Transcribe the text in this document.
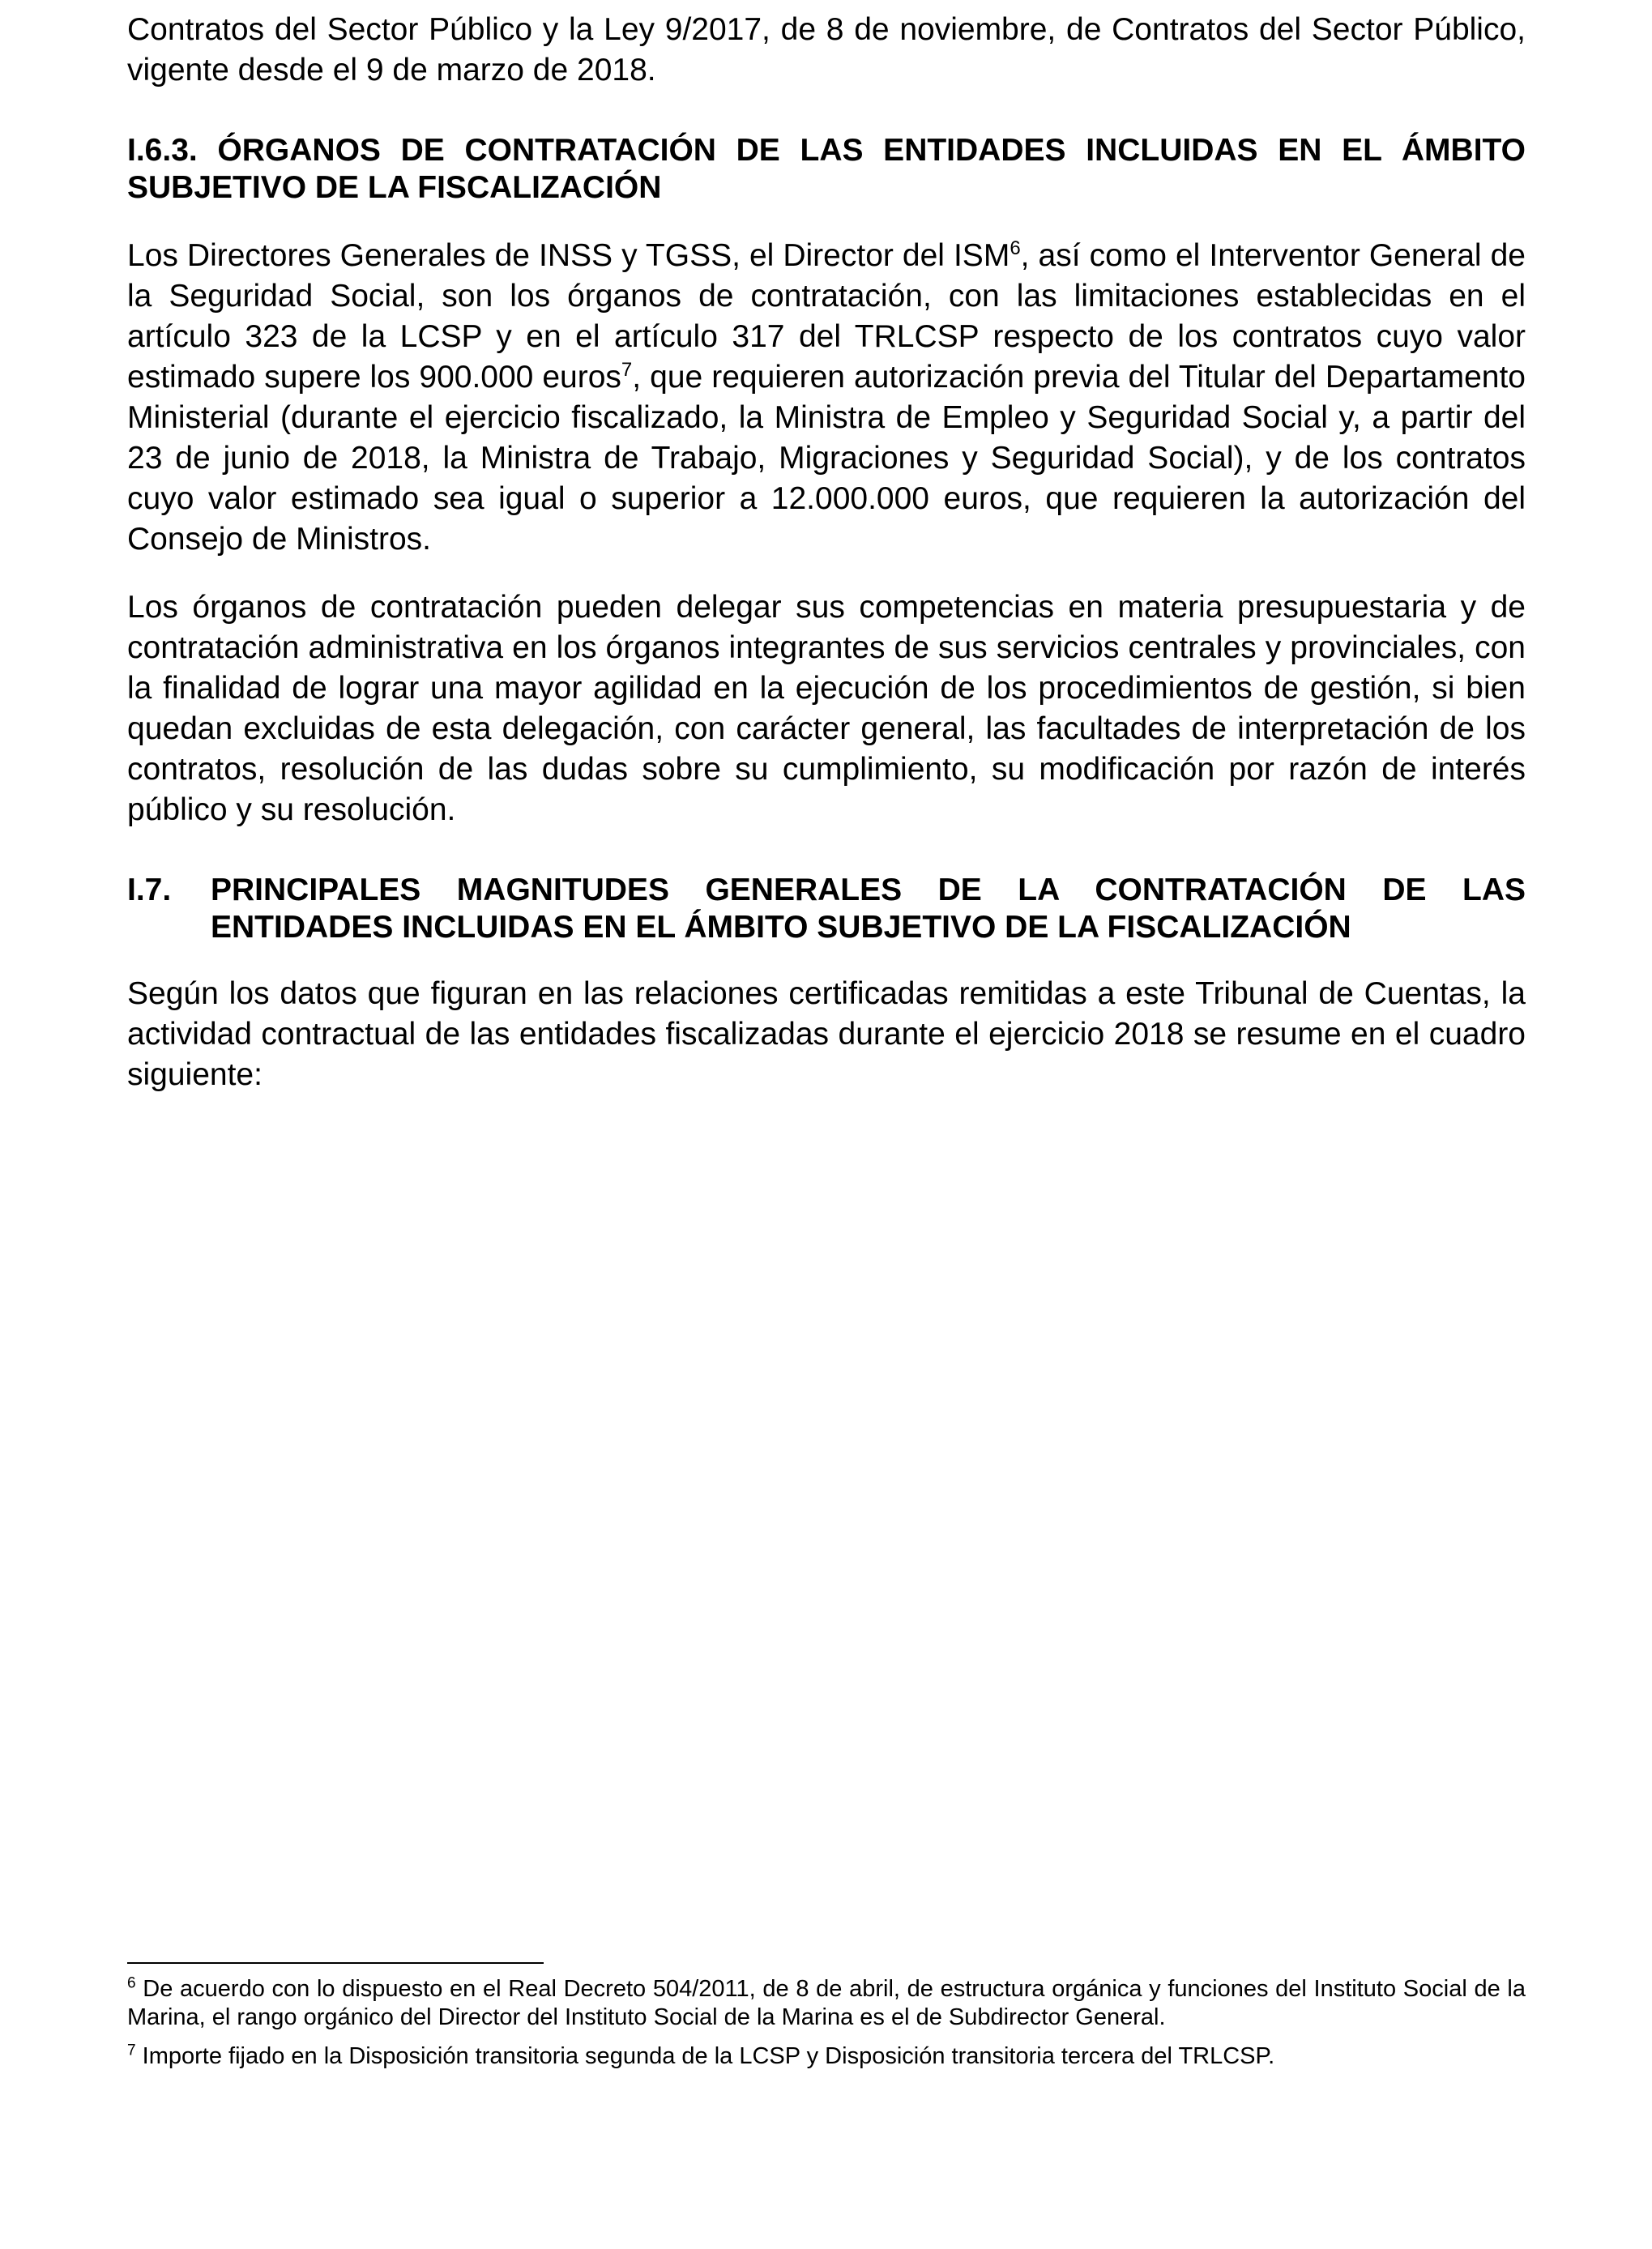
Contratos del Sector Público y la Ley 9/2017, de 8 de noviembre, de Contratos del Sector Público, vigente desde el 9 de marzo de 2018.

I.6.3. ÓRGANOS DE CONTRATACIÓN DE LAS ENTIDADES INCLUIDAS EN EL ÁMBITO SUBJETIVO DE LA FISCALIZACIÓN

Los Directores Generales de INSS y TGSS, el Director del ISM$^6$, así como el Interventor General de la Seguridad Social, son los órganos de contratación, con las limitaciones establecidas en el artículo 323 de la LCSP y en el artículo 317 del TRLCSP respecto de los contratos cuyo valor estimado supere los 900.000 euros$^7$, que requieren autorización previa del Titular del Departamento Ministerial (durante el ejercicio fiscalizado, la Ministra de Empleo y Seguridad Social y, a partir del 23 de junio de 2018, la Ministra de Trabajo, Migraciones y Seguridad Social), y de los contratos cuyo valor estimado sea igual o superior a 12.000.000 euros, que requieren la autorización del Consejo de Ministros.

Los órganos de contratación pueden delegar sus competencias en materia presupuestaria y de contratación administrativa en los órganos integrantes de sus servicios centrales y provinciales, con la finalidad de lograr una mayor agilidad en la ejecución de los procedimientos de gestión, si bien quedan excluidas de esta delegación, con carácter general, las facultades de interpretación de los contratos, resolución de las dudas sobre su cumplimiento, su modificación por razón de interés público y su resolución.

I.7.	PRINCIPALES MAGNITUDES GENERALES DE LA CONTRATACIÓN DE LAS ENTIDADES INCLUIDAS EN EL ÁMBITO SUBJETIVO DE LA FISCALIZACIÓN

Según los datos que figuran en las relaciones certificadas remitidas a este Tribunal de Cuentas, la actividad contractual de las entidades fiscalizadas durante el ejercicio 2018 se resume en el cuadro siguiente:

$^6$ De acuerdo con lo dispuesto en el Real Decreto 504/2011, de 8 de abril, de estructura orgánica y funciones del Instituto Social de la Marina, el rango orgánico del Director del Instituto Social de la Marina es el de Subdirector General.

$^7$ Importe fijado en la Disposición transitoria segunda de la LCSP y Disposición transitoria tercera del TRLCSP.
